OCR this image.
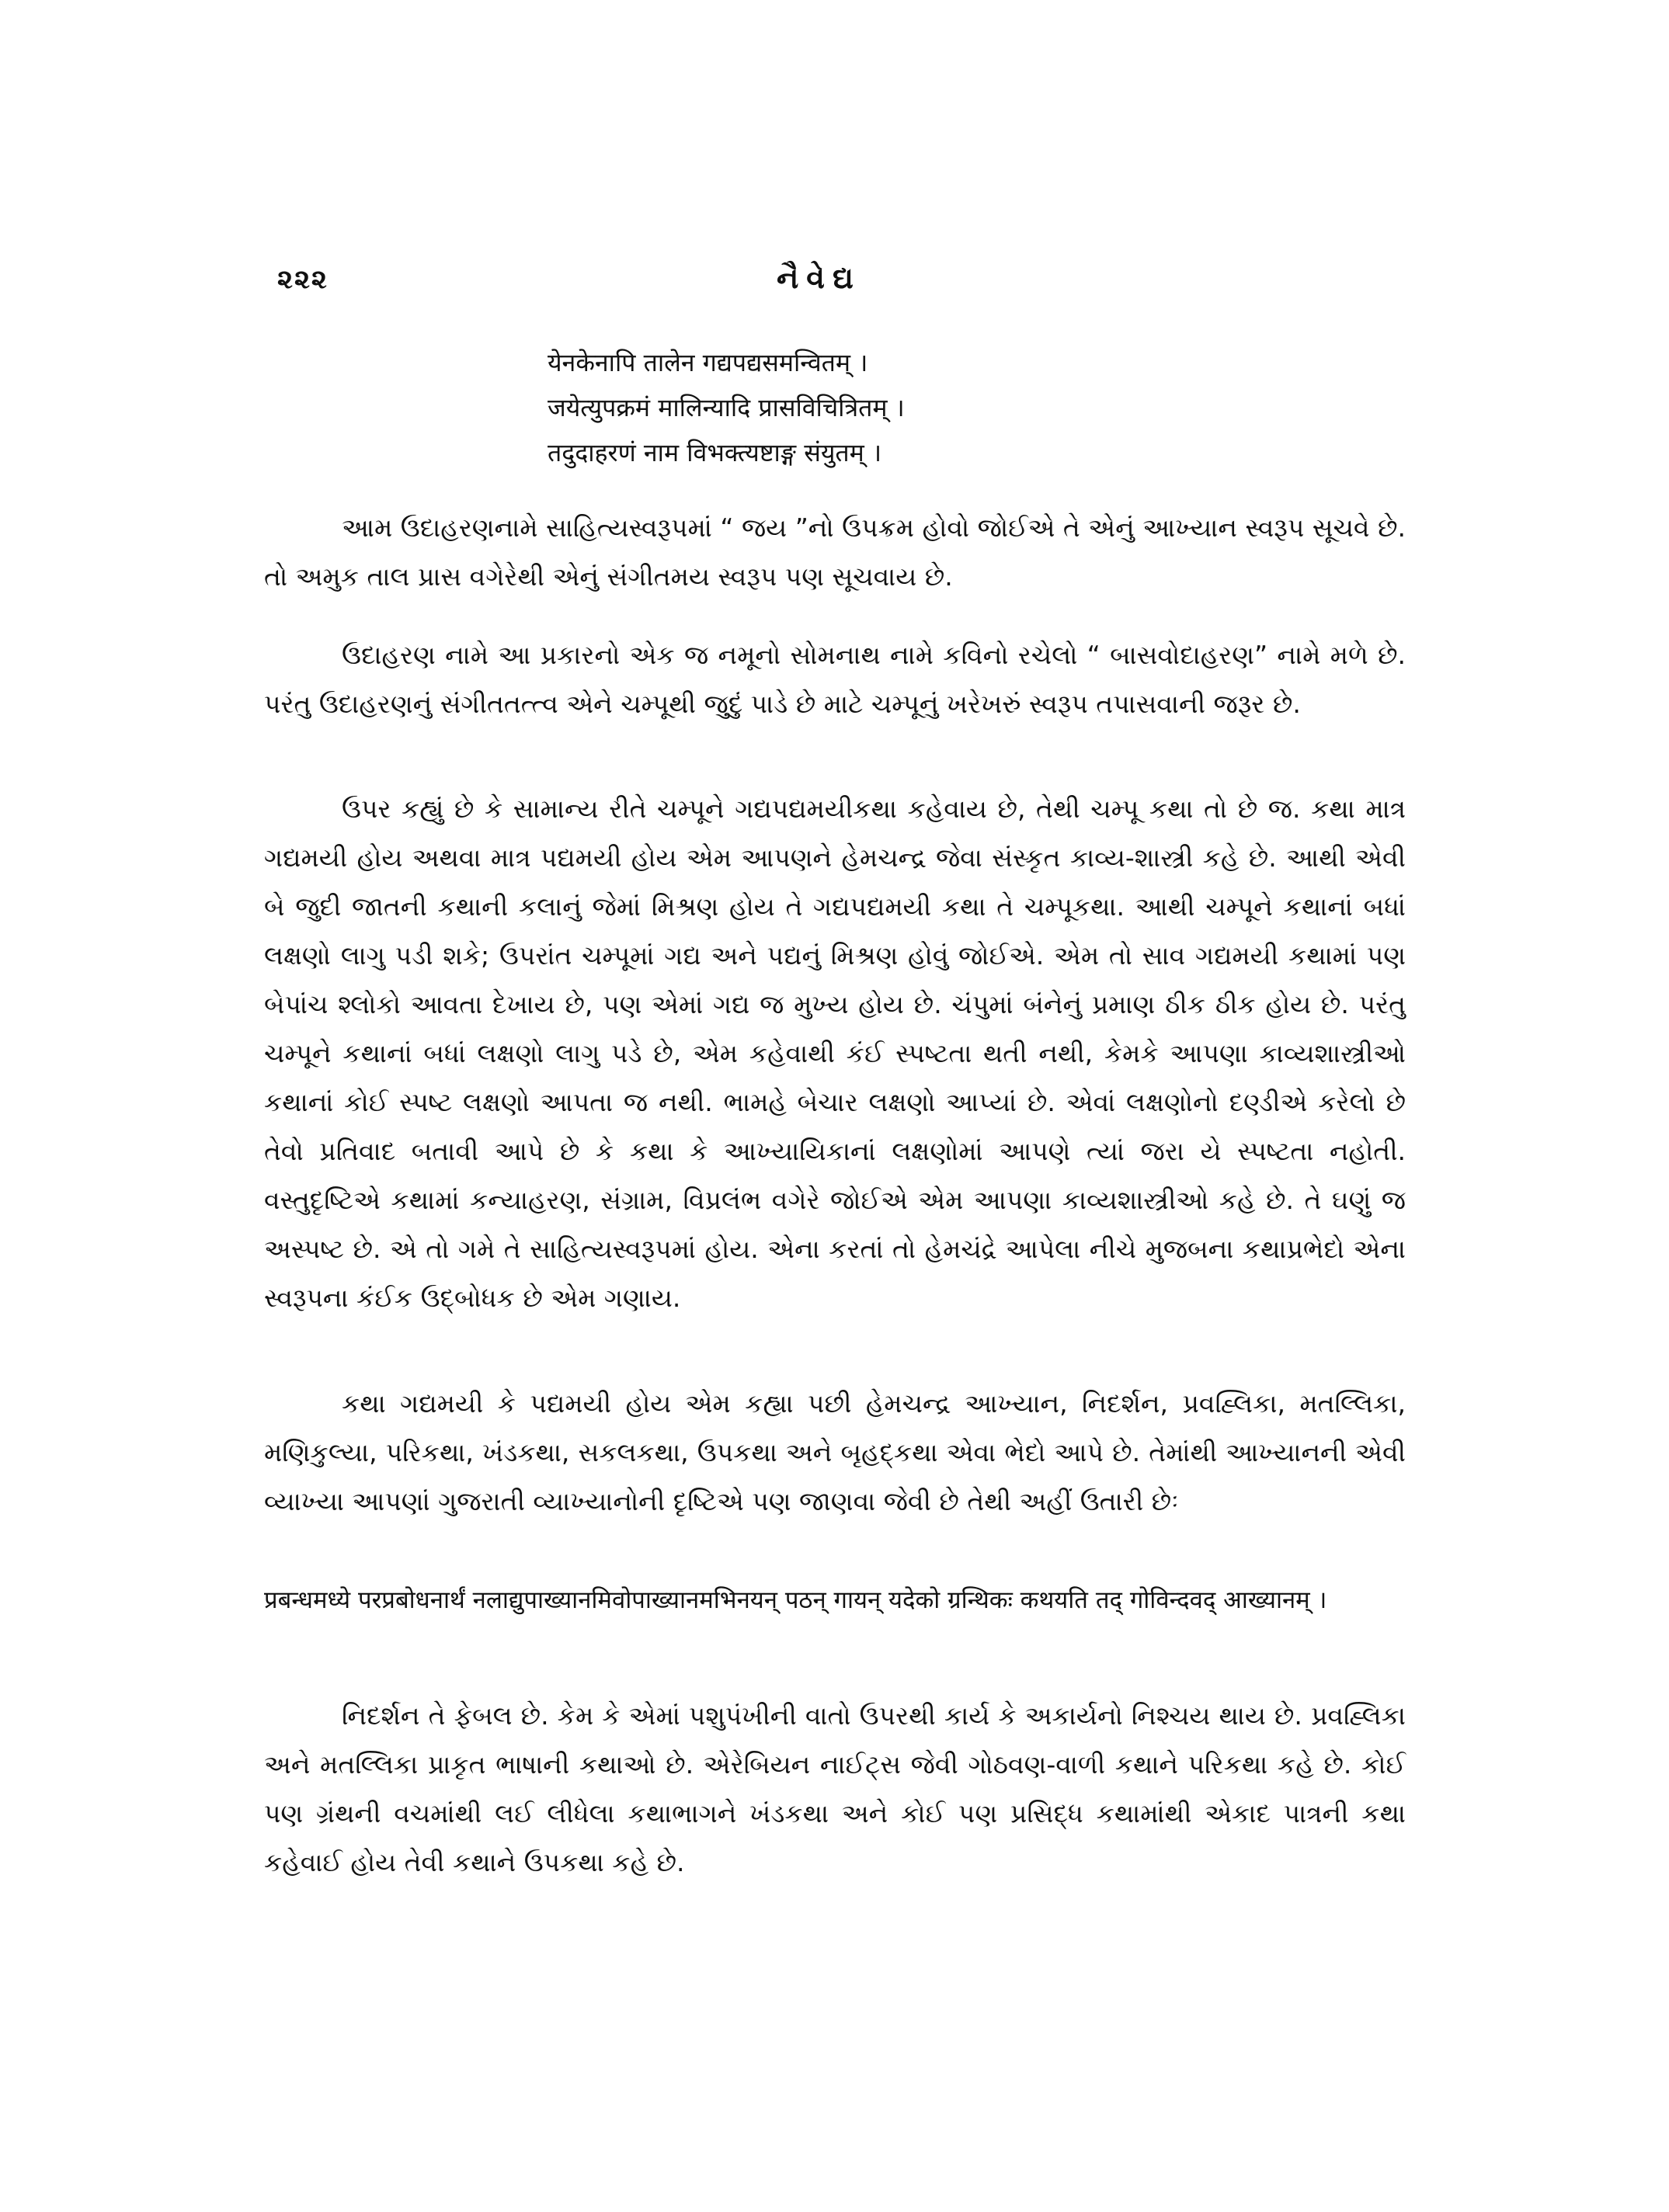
૨૨૨	નૈવેદ્ય
येनकेनापि तालेन गद्यपद्यसमन्वितम् ।
जयेत्युपक्रमं मालिन्यादि प्रासविचित्रितम् ।
तदुदाहरणं नाम विभक्त्यष्टाङ्ग संयुतम् ।

આમ ઉદાહરણનામે સાહિત્યસ્વરૂપમાં “ જય ”નો ઉપક્રમ હોવો જોઈએ તે એનું આખ્યાન સ્વરૂપ સૂચવે છે. તો અમુક તાલ પ્રાસ વગેરેથી એનું સંગીતમય સ્વરૂપ પણ સૂચવાય છે.

ઉદાહરણ નામે આ પ્રકારનો એક જ નમૂનો સોમનાથ નામે કવિનો રચેલો “ બાસવોદાહરણ” નામે મળે છે. પરંતુ ઉદાહરણનું સંગીતતત્ત્વ એને ચમ્પૂથી જુદું પાડે છે માટે ચમ્પૂનું ખરેખરું સ્વરૂપ તપાસવાની જરૂર છે.

ઉપર કહ્યું છે કે સામાન્ય રીતે ચમ્પૂને ગદ્યપદ્યમયીકથા કહેવાય છે, તેથી ચમ્પૂ કથા તો છે જ. કથા માત્ર ગદ્યમયી હોય અથવા માત્ર પદ્યમયી હોય એમ આપણને હેમચન્દ્ર જેવા સંસ્કૃત કાવ્ય-શાસ્ત્રી કહે છે. આથી એવી બે જુદી જાતની કથાની કલાનું જેમાં મિશ્રણ હોય તે ગદ્યપદ્યમયી કથા તે ચમ્પૂકથા. આથી ચમ્પૂને કથાનાં બધાં લક્ષણો લાગુ પડી શકે; ઉપરાંત ચમ્પૂમાં ગદ્ય અને પદ્યનું મિશ્રણ હોવું જોઈએ. એમ તો સાવ ગદ્યમયી કથામાં પણ બેપાંચ શ્લોકો આવતા દેખાય છે, પણ એમાં ગદ્ય જ મુખ્ય હોય છે. ચંપુમાં બંનેનું પ્રમાણ ઠીક ઠીક હોય છે. પરંતુ ચમ્પૂને કથાનાં બધાં લક્ષણો લાગુ પડે છે, એમ કહેવાથી કંઈ સ્પષ્ટતા થતી નથી, કેમકે આપણા કાવ્યશાસ્ત્રીઓ કથાનાં કોઈ સ્પષ્ટ લક્ષણો આપતા જ નથી. ભામહે બેચાર લક્ષણો આપ્યાં છે. એવાં લક્ષણોનો દણ્ડીએ કરેલો છે તેવો પ્રતિવાદ બતાવી આપે છે કે કથા કે આખ્યાયિકાનાં લક્ષણોમાં આપણે ત્યાં જરા યે સ્પષ્ટતા નહોતી. વસ્તુદૃષ્ટિએ કથામાં કન્યાહરણ, સંગ્રામ, વિપ્રલંભ વગેરે જોઈએ એમ આપણા કાવ્યશાસ્ત્રીઓ કહે છે. તે ઘણું જ અસ્પષ્ટ છે. એ તો ગમે તે સાહિત્યસ્વરૂપમાં હોય. એના કરતાં તો હેમચંદ્રે આપેલા નીચે મુજબના કથાપ્રભેદો એના સ્વરૂપના કંઈક ઉદ્બોધક છે એમ ગણાય.

કથા ગદ્યમયી કે પદ્યમયી હોય એમ કહ્યા પછી હેમચન્દ્ર આખ્યાન, નિદર્શન, પ્રવહ્લિકા, મતલ્લિકા, મણિકુલ્યા, પરિકથા, ખંડકથા, સકલકથા, ઉપકથા અને બૃહદ્કથા એવા ભેદો આપે છે. તેમાંથી આખ્યાનની એવી વ્યાખ્યા આપણાં ગુજરાતી વ્યાખ્યાનોની દૃષ્ટિએ પણ જાણવા જેવી છે તેથી અહીં ઉતારી છેઃ

प्रबन्धमध्ये परप्रबोधनार्थं नलाद्युपाख्यानमिवोपाख्यानमभिनयन् पठन् गायन् यदेको ग्रन्थिकः कथयति तद् गोविन्दवद् आख्यानम् ।

નિદર્શન તે ફેબલ છે. કેમ કે એમાં પશુપંખીની વાતો ઉપરથી કાર્ય કે અકાર્યનો નિશ્ચય થાય છે. પ્રવહ્લિકા અને મતલ્લિકા પ્રાકૃત ભાષાની કથાઓ છે. એરેબિયન નાઈટ્સ જેવી ગોઠવણ-વાળી કથાને પરિકથા કહે છે. કોઈ પણ ગ્રંથની વચમાંથી લઈ લીધેલા કથાભાગને ખંડકથા અને કોઈ પણ પ્રસિદ્ધ કથામાંથી એકાદ પાત્રની કથા કહેવાઈ હોય તેવી કથાને ઉપકથા કહે છે.
